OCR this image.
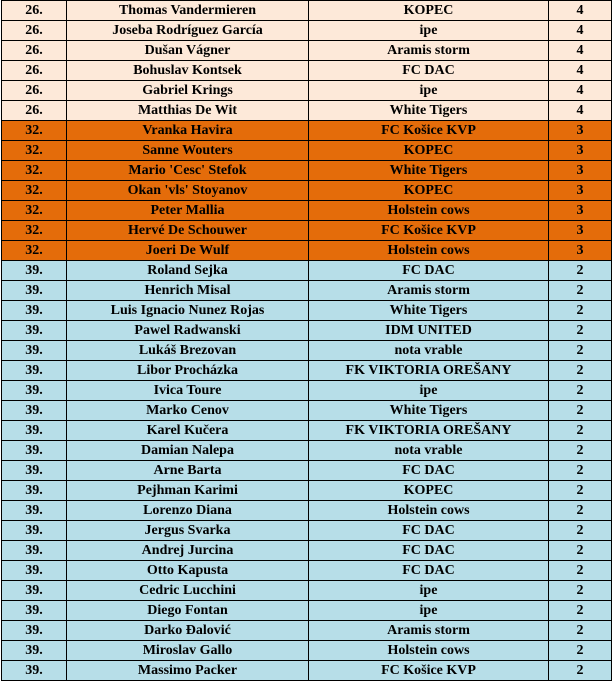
26.	Thomas Vandermieren	KOPEC	4
26.	Joseba Rodríguez García	ipe	4
26.	Dušan Vágner	Aramis storm	4
26.	Bohuslav Kontsek	FC DAC	4
26.	Gabriel Krings	ipe	4
26.	Matthias De Wit	White Tigers	4
32.	Vranka Havira	FC Košice KVP	3
32.	Sanne Wouters	KOPEC	3
32.	Mario 'Cesc' Stefok	White Tigers	3
32.	Okan 'vls' Stoyanov	KOPEC	3
32.	Peter Mallia	Holstein cows	3
32.	Hervé De Schouwer	FC Košice KVP	3
32.	Joeri De Wulf	Holstein cows	3
39.	Roland Sejka	FC DAC	2
39.	Henrich Misal	Aramis storm	2
39.	Luis Ignacio Nunez Rojas	White Tigers	2
39.	Pawel Radwanski	IDM UNITED	2
39.	Lukáš Brezovan	nota vrable	2
39.	Libor Procházka	FK VIKTORIA OREŠANY	2
39.	Ivica Toure	ipe	2
39.	Marko Cenov	White Tigers	2
39.	Karel Kučera	FK VIKTORIA OREŠANY	2
39.	Damian Nalepa	nota vrable	2
39.	Arne Barta	FC DAC	2
39.	Pejhman Karimi	KOPEC	2
39.	Lorenzo Diana	Holstein cows	2
39.	Jergus Svarka	FC DAC	2
39.	Andrej Jurcina	FC DAC	2
39.	Otto Kapusta	FC DAC	2
39.	Cedric Lucchini	ipe	2
39.	Diego Fontan	ipe	2
39.	Darko Đalović	Aramis storm	2
39.	Miroslav Gallo	Holstein cows	2
39.	Massimo Packer	FC Košice KVP	2
